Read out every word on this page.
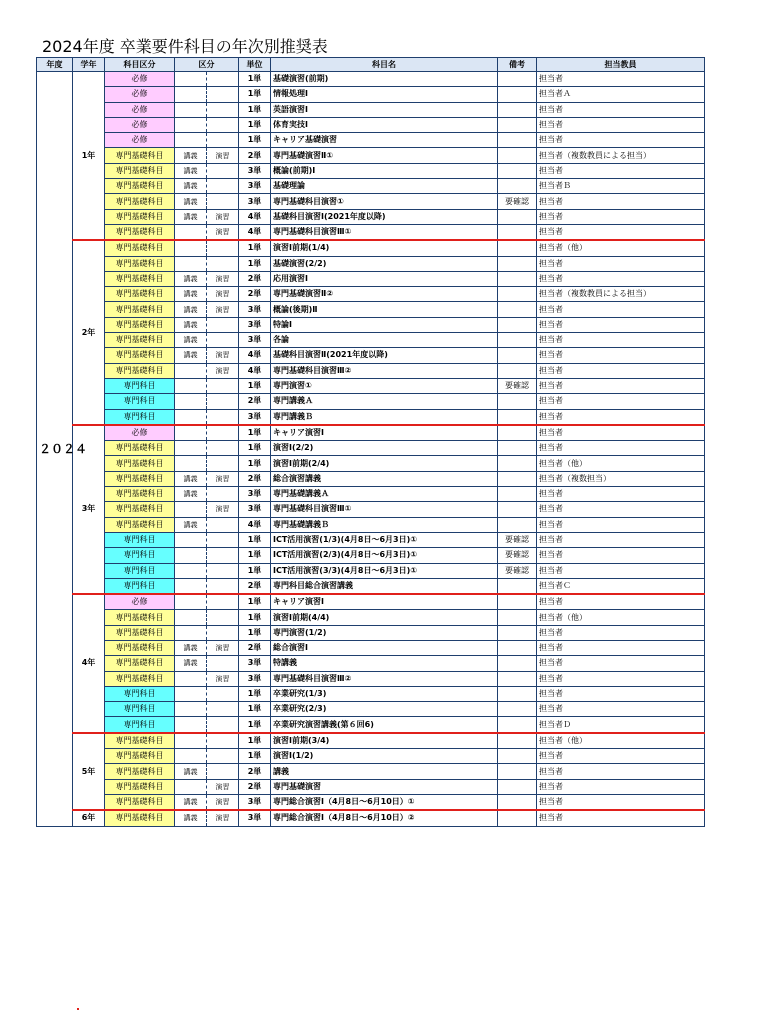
2024年度 卒業要件科目の年次別推奨表
年度	学年	科目区分	区分		単位	科目名	備考	担当教員
２０２４	1年	必修			1単	基礎演習(前期)		担当者
		必修			1単	情報処理Ⅰ		担当者Ａ
		必修			1単	英語演習Ⅰ		担当者
		必修			1単	体育実技Ⅰ		担当者
		必修			1単	キャリア基礎演習		担当者
		専門基礎科目	講義	演習	2単	専門基礎演習Ⅱ①		担当者（複数教員による担当）
		専門基礎科目	講義		3単	概論(前期)Ⅰ		担当者
		専門基礎科目	講義		3単	基礎理論		担当者Ｂ
		専門基礎科目	講義		3単	専門基礎科目演習①	要確認	担当者
		専門基礎科目	講義	演習	4単	基礎科目演習Ⅰ(2021年度以降)		担当者
		専門基礎科目		演習	4単	専門基礎科目演習Ⅲ①		担当者
	2年	専門基礎科目			1単	演習Ⅰ前期(1/4)		担当者（他）
		専門基礎科目			1単	基礎演習(2/2)		担当者
		専門基礎科目	講義	演習	2単	応用演習Ⅰ		担当者
		専門基礎科目	講義	演習	2単	専門基礎演習Ⅱ②		担当者（複数教員による担当）
		専門基礎科目	講義	演習	3単	概論(後期)Ⅱ		担当者
		専門基礎科目	講義		3単	特論Ⅰ		担当者
		専門基礎科目	講義		3単	各論		担当者
		専門基礎科目	講義	演習	4単	基礎科目演習Ⅱ(2021年度以降)		担当者
		専門基礎科目		演習	4単	専門基礎科目演習Ⅲ②		担当者
		専門科目			1単	専門演習①	要確認	担当者
		専門科目			2単	専門講義Ａ		担当者
		専門科目			3単	専門講義Ｂ		担当者
	3年	必修			1単	キャリア演習Ⅰ		担当者
		専門基礎科目			1単	演習Ⅰ(2/2)		担当者
		専門基礎科目			1単	演習Ⅰ前期(2/4)		担当者（他）
		専門基礎科目	講義	演習	2単	総合演習講義		担当者（複数担当）
		専門基礎科目	講義		3単	専門基礎講義Ａ		担当者
		専門基礎科目		演習	3単	専門基礎科目演習Ⅲ①		担当者
		専門基礎科目	講義		4単	専門基礎講義Ｂ		担当者
		専門科目			1単	ICT活用演習(1/3)(4月8日～6月3日)①	要確認	担当者
		専門科目			1単	ICT活用演習(2/3)(4月8日～6月3日)①	要確認	担当者
		専門科目			1単	ICT活用演習(3/3)(4月8日～6月3日)①	要確認	担当者
		専門科目			2単	専門科目総合演習講義		担当者Ｃ
	4年	必修			1単	キャリア演習Ⅰ		担当者
		専門基礎科目			1単	演習Ⅰ前期(4/4)		担当者（他）
		専門基礎科目			1単	専門演習(1/2)		担当者
		専門基礎科目	講義	演習	2単	総合演習Ⅰ		担当者
		専門基礎科目	講義		3単	特講義		担当者
		専門基礎科目		演習	3単	専門基礎科目演習Ⅲ②		担当者
		専門科目			1単	卒業研究(1/3)		担当者
		専門科目			1単	卒業研究(2/3)		担当者
		専門科目			1単	卒業研究演習講義(第６回6)		担当者Ｄ
	5年	専門基礎科目			1単	演習Ⅰ前期(3/4)		担当者（他）
		専門基礎科目			1単	演習Ⅰ(1/2)		担当者
		専門基礎科目	講義		2単	講義		担当者
		専門基礎科目		演習	2単	専門基礎演習		担当者
		専門基礎科目	講義	演習	3単	専門総合演習Ⅰ（4月8日～6月10日）①		担当者
	6年	専門基礎科目	講義	演習	3単	専門総合演習Ⅰ（4月8日～6月10日）②		担当者
